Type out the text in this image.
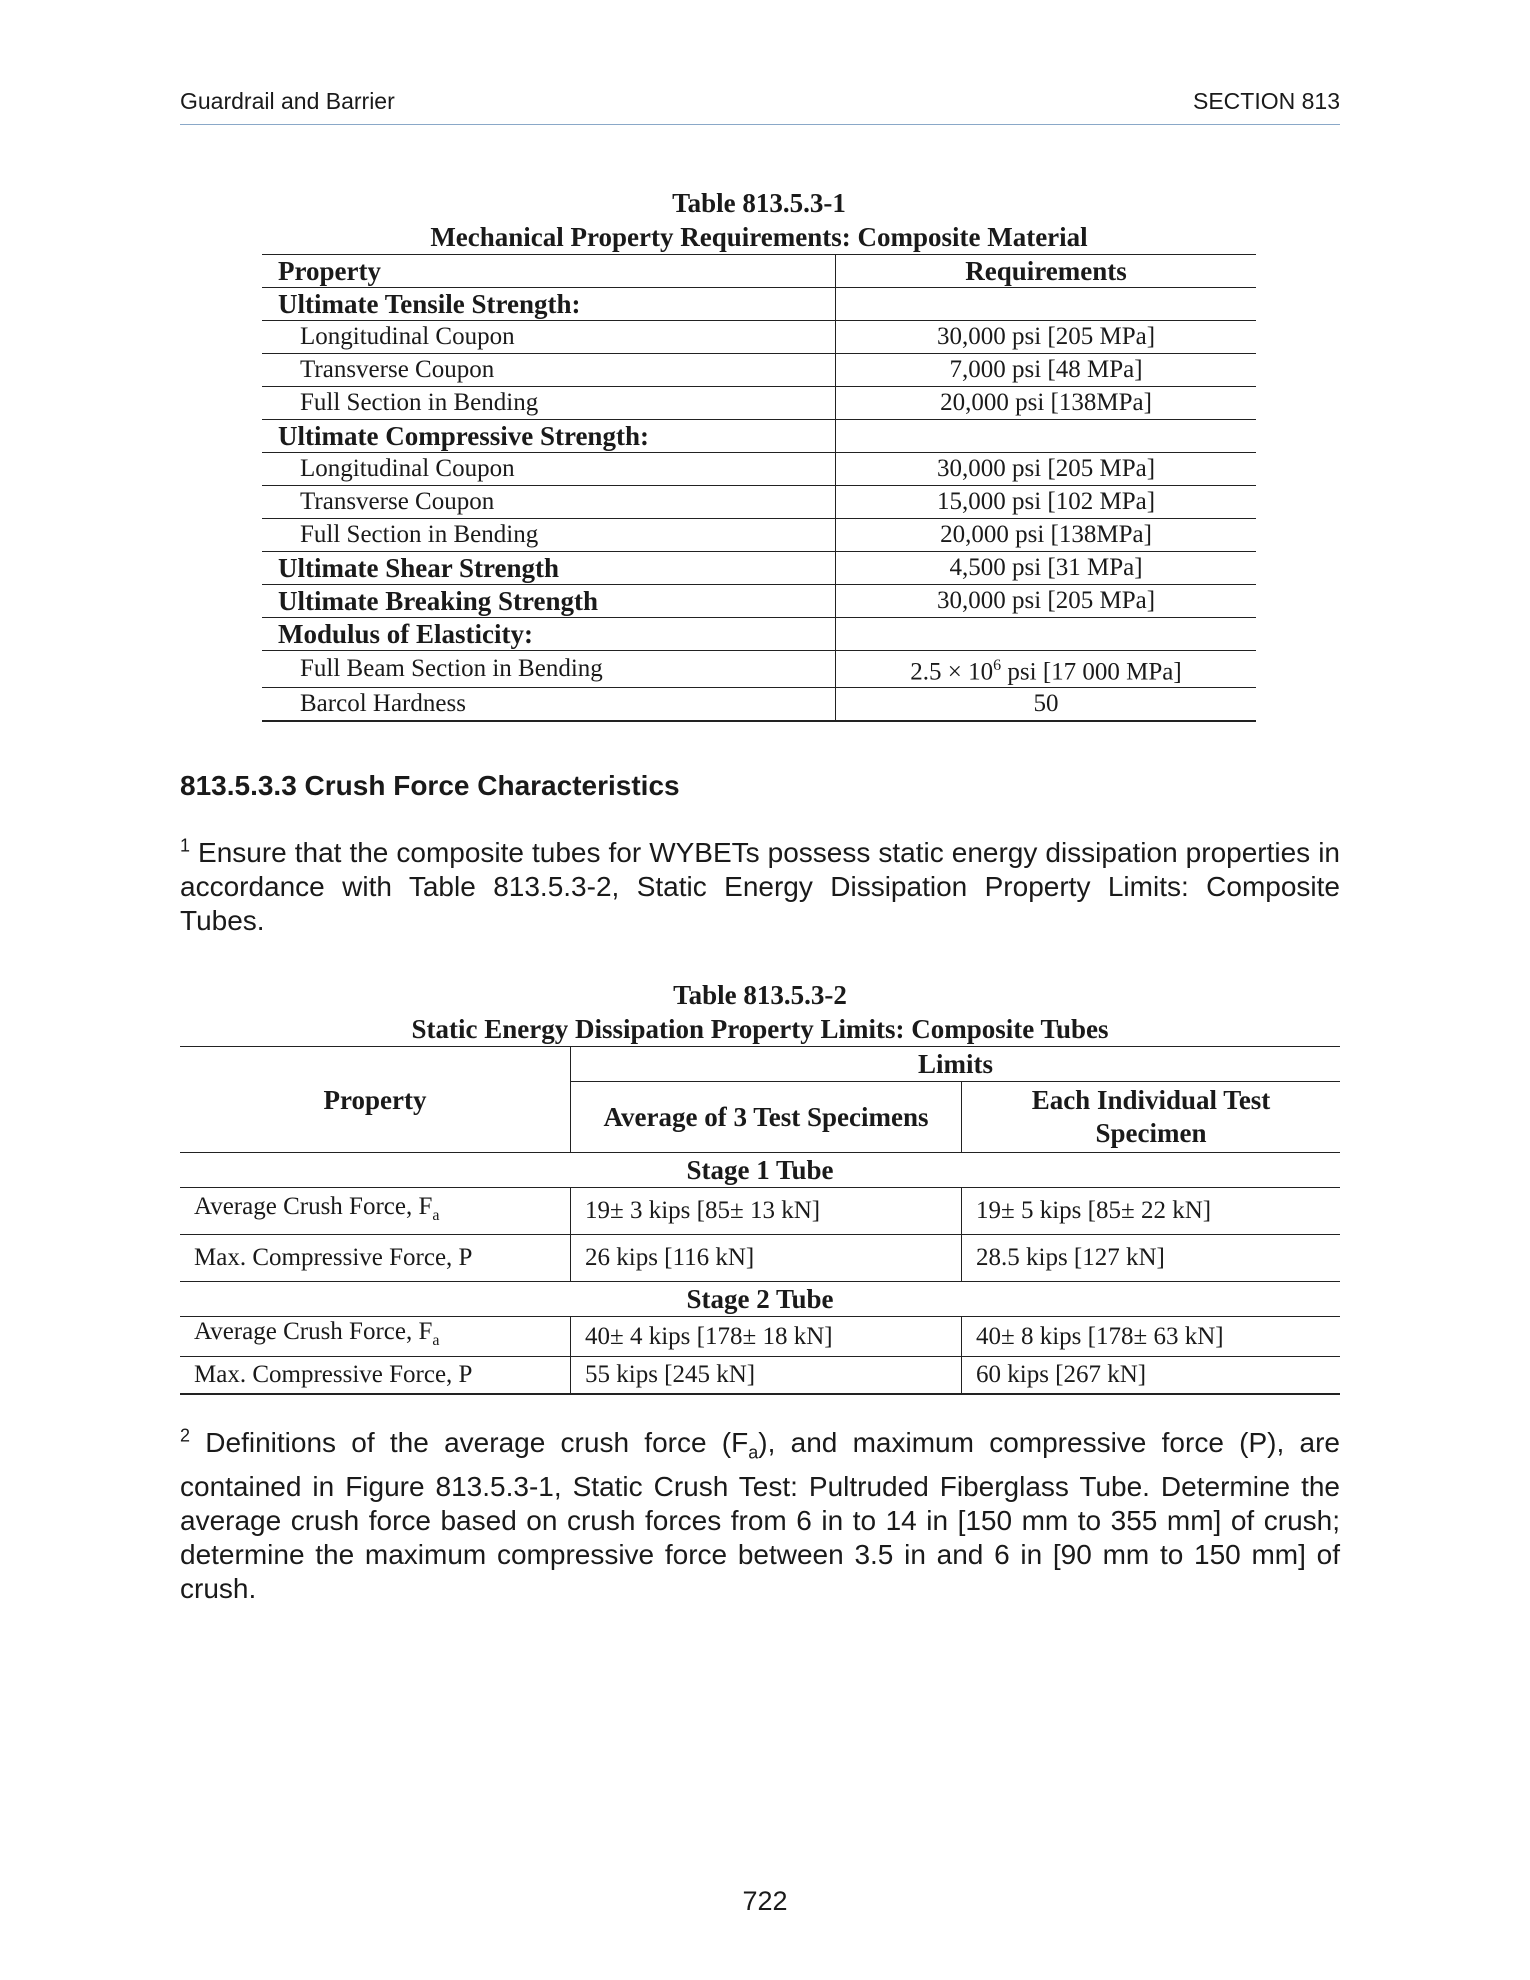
Guardrail and Barrier	SECTION 813
Table 813.5.3-1
Mechanical Property Requirements: Composite Material
Property	Requirements
Ultimate Tensile Strength:	
Longitudinal Coupon	30,000 psi [205 MPa]
Transverse Coupon	7,000 psi [48 MPa]
Full Section in Bending	20,000 psi [138MPa]
Ultimate Compressive Strength:	
Longitudinal Coupon	30,000 psi [205 MPa]
Transverse Coupon	15,000 psi [102 MPa]
Full Section in Bending	20,000 psi [138MPa]
Ultimate Shear Strength	4,500 psi [31 MPa]
Ultimate Breaking Strength	30,000 psi [205 MPa]
Modulus of Elasticity:	
Full Beam Section in Bending	$2.5 \times 10^6$ psi [17 000 MPa]
Barcol Hardness	50
813.5.3.3 Crush Force Characteristics
$^1$ Ensure that the composite tubes for WYBETs possess static energy dissipation properties in accordance with Table 813.5.3-2, Static Energy Dissipation Property Limits: Composite Tubes.
Table 813.5.3-2
Static Energy Dissipation Property Limits: Composite Tubes
Property	Limits	
	Average of 3 Test Specimens	Each Individual Test Specimen
Stage 1 Tube		
Average Crush Force, $F_a$	19± 3 kips [85± 13 kN]	19± 5 kips [85± 22 kN]
Max. Compressive Force, P	26 kips [116 kN]	28.5 kips [127 kN]
Stage 2 Tube		
Average Crush Force, $F_a$	40± 4 kips [178± 18 kN]	40± 8 kips [178± 63 kN]
Max. Compressive Force, P	55 kips [245 kN]	60 kips [267 kN]
$^2$ Definitions of the average crush force $(F_a)$, and maximum compressive force (P), are contained in Figure 813.5.3-1, Static Crush Test: Pultruded Fiberglass Tube. Determine the average crush force based on crush forces from 6 in to 14 in [150 mm to 355 mm] of crush; determine the maximum compressive force between 3.5 in and 6 in [90 mm to 150 mm] of crush.
722
